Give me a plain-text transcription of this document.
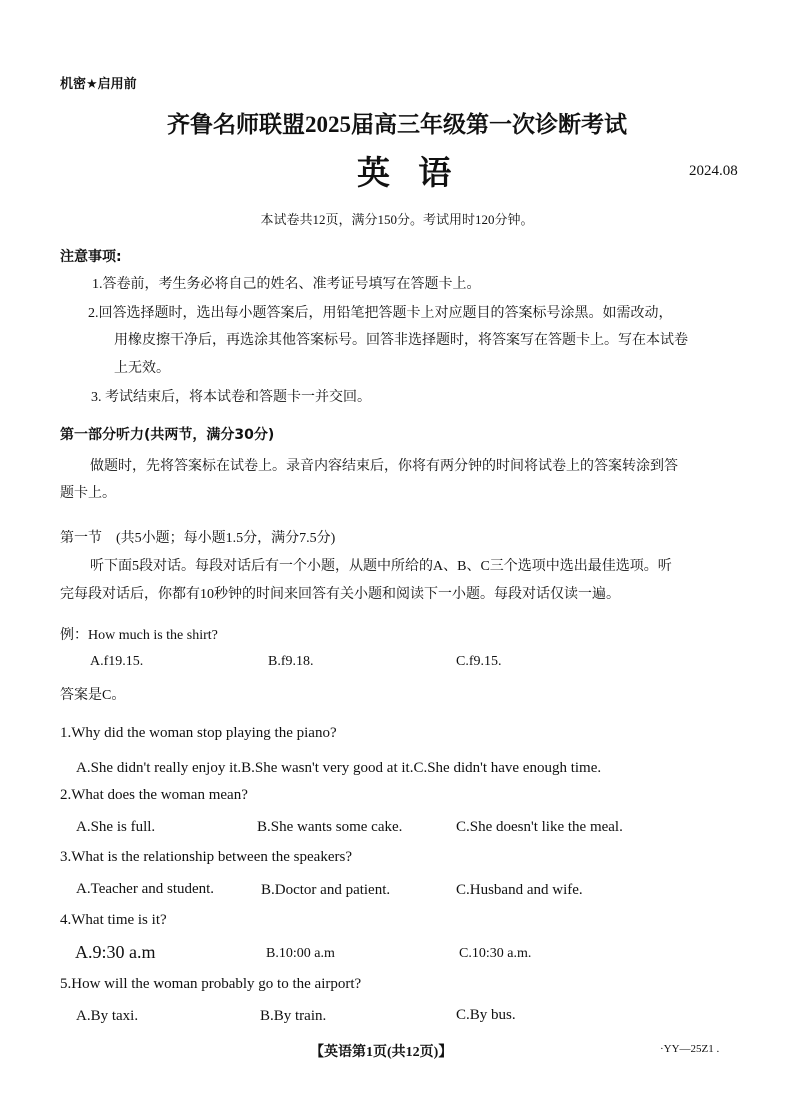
机密★启用前
齐鲁名师联盟2025届高三年级第一次诊断考试
英 语	2024.08
本试卷共12页，满分150分。考试用时120分钟。
注意事项:
1.答卷前，考生务必将自己的姓名、准考证号填写在答题卡上。
2.回答选择题时，选出每小题答案后，用铅笔把答题卡上对应题目的答案标号涂黑。如需改动，
用橡皮擦干净后，再选涂其他答案标号。回答非选择题时，将答案写在答题卡上。写在本试卷
上无效。
3. 考试结束后，将本试卷和答题卡一并交回。
第一部分听力(共两节，满分30分)
做题时，先将答案标在试卷上。录音内容结束后，你将有两分钟的时间将试卷上的答案转涂到答
题卡上。
第一节　(共5小题；每小题1.5分，满分7.5分)
听下面5段对话。每段对话后有一个小题，从题中所给的A、B、C三个选项中选出最佳选项。听
完每段对话后，你都有10秒钟的时间来回答有关小题和阅读下一小题。每段对话仅读一遍。
例：How much is the shirt?
A.f19.15.	B.f9.18.	C.f9.15.
答案是C。
1.Why did the woman stop playing the piano?
A.She didn't really enjoy it.B.She wasn't very good at it.C.She didn't have enough time.
2.What does the woman mean?
A.She is full.	B.She wants some cake.	C.She doesn't like the meal.
3.What is the relationship between the speakers?
A.Teacher and student.	B.Doctor and patient.	C.Husband and wife.
4.What time is it?
A.9:30 a.m	B.10:00 a.m	C.10:30 a.m.
5.How will the woman probably go to the airport?
A.By taxi.	B.By train.	C.By bus.
【英语第1页(共12页)】	·YY—25Z1 .
